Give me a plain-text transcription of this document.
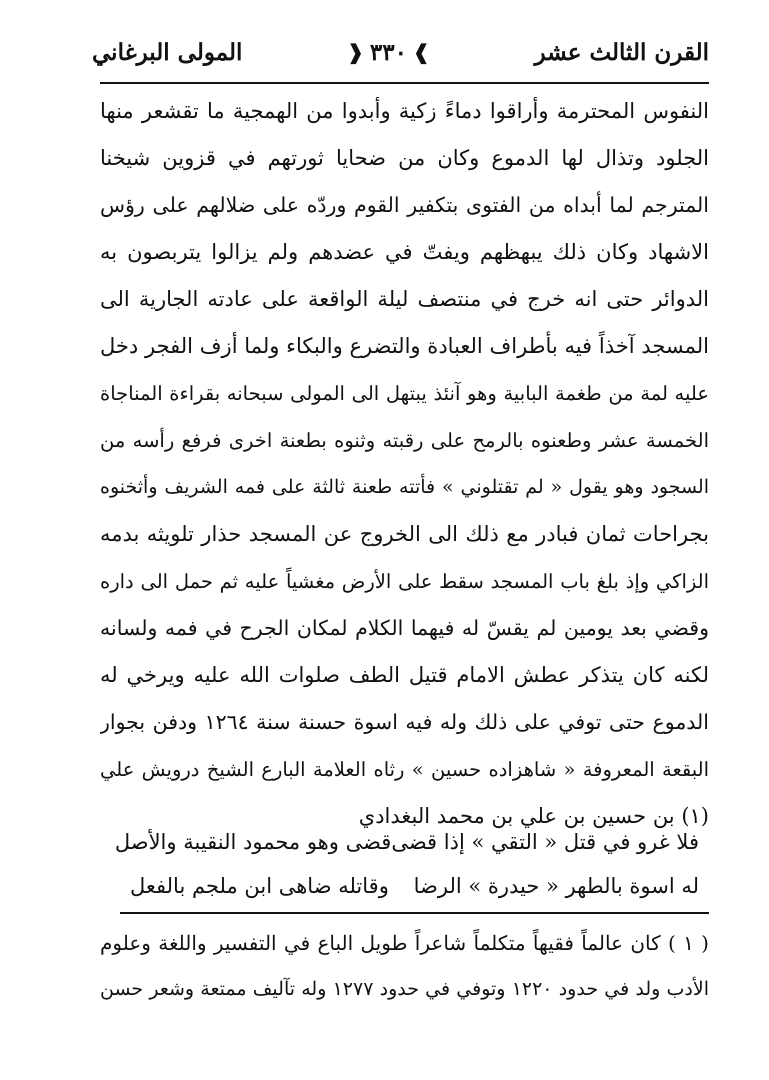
القرن الثالث عشر
❱
٣٣٠
❰
المولى البرغاني
النفوس المحترمة وأراقوا دماءً زكية وأبدوا من الهمجية ما تقشعر منها
الجلود وتذال لها الدموع وكان من ضحايا ثورتهم في قزوين شيخنا
المترجم لما أبداه من الفتوى بتكفير القوم وردّه على ضلالهم على رؤس
الاشهاد وكان ذلك يبهظهم ويفتّ في عضدهم ولم يزالوا يتربصون به
الدوائر حتى انه خرج في منتصف ليلة الواقعة على عادته الجارية الى
المسجد آخذاً فيه بأطراف العبادة والتضرع والبكاء ولما أزف الفجر دخل
عليه لمة من طغمة البابية وهو آنئذ يبتهل الى المولى سبحانه بقراءة المناجاة
الخمسة عشر وطعنوه بالرمح على رقبته وثنوه بطعنة اخرى فرفع رأسه من
السجود وهو يقول « لم تقتلوني » فأتته طعنة ثالثة على فمه الشريف وأثخنوه
بجراحات ثمان فبادر مع ذلك الى الخروج عن المسجد حذار تلويثه بدمه
الزاكي وإذ بلغ باب المسجد سقط على الأرض مغشياً عليه ثم حمل الى داره
وقضي بعد يومين لم يقسّ له فيهما الكلام لمكان الجرح في فمه ولسانه
لكنه كان يتذكر عطش الامام قتيل الطف صلوات الله عليه ويرخي له
الدموع حتى توفي على ذلك وله فيه اسوة حسنة سنة ١٢٦٤ ودفن بجوار
البقعة المعروفة « شاهزاده حسين » رثاه العلامة البارع الشيخ درويش علي
(١) بن حسين بن علي بن محمد البغدادي
فلا غرو في قتل « التقي » إذا قضى
قضى وهو محمود النقيبة والأصل
له اسوة بالطهر « حيدرة » الرضا
وقاتله ضاهى ابن ملجم بالفعل
( ١ ) كان عالماً فقيهاً متكلماً شاعراً طويل الباع في التفسير واللغة وعلوم
الأدب ولد في حدود ١٢٢٠ وتوفي في حدود ١٢٧٧ وله تآليف ممتعة وشعر حسن
